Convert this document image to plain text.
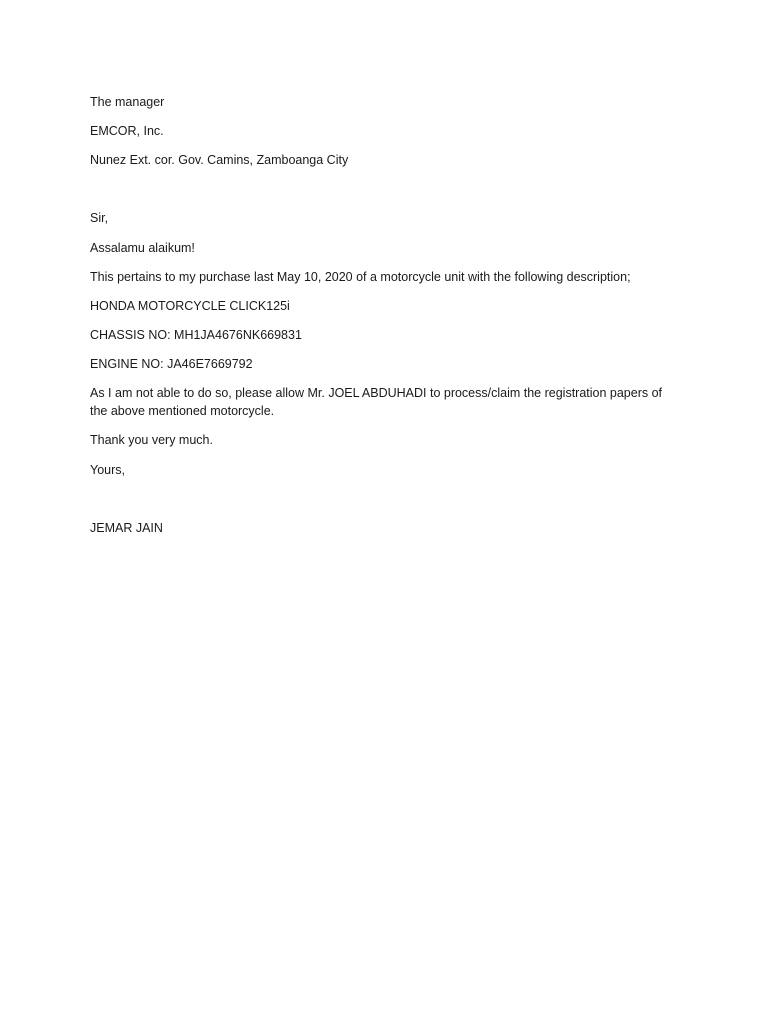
The manager
EMCOR, Inc.
Nunez Ext. cor. Gov. Camins, Zamboanga City
Sir,
Assalamu alaikum!
This pertains to my purchase last May 10, 2020 of a motorcycle unit with the following description;
HONDA MOTORCYCLE CLICK125i
CHASSIS NO: MH1JA4676NK669831
ENGINE NO: JA46E7669792
As I am not able to do so, please allow Mr. JOEL ABDUHADI to process/claim the registration papers of the above mentioned motorcycle.
Thank you very much.
Yours,
JEMAR JAIN
